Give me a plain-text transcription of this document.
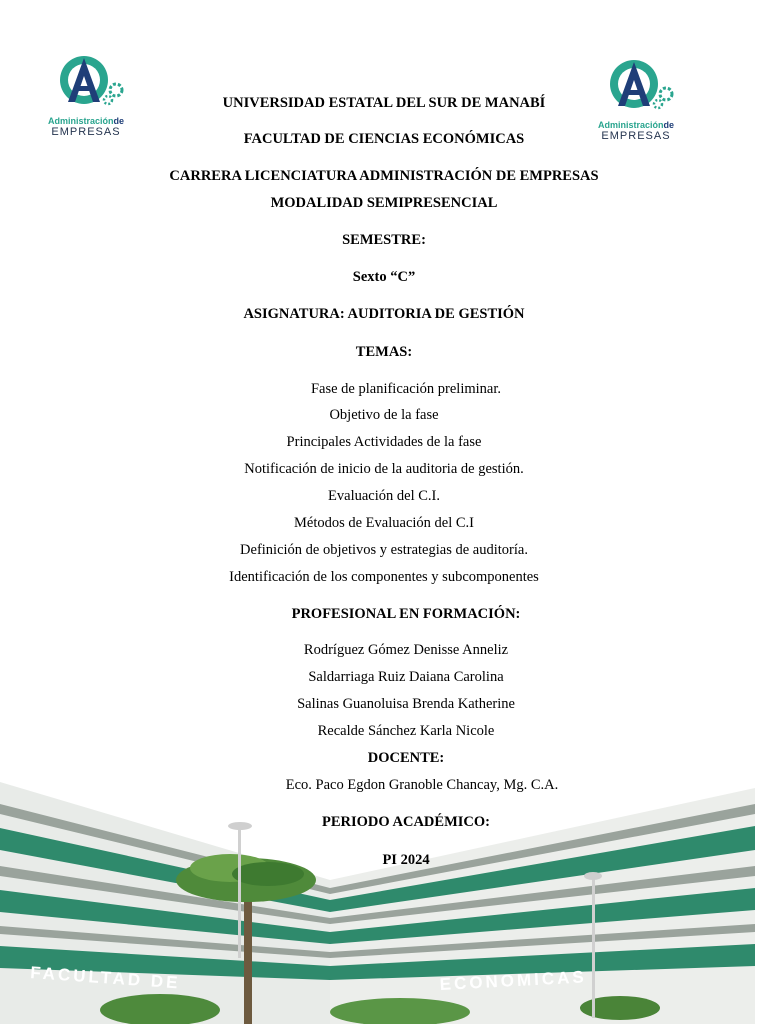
Administraciónde
EMPRESAS
Administraciónde
EMPRESAS
UNIVERSIDAD ESTATAL DEL SUR DE MANABÍ
FACULTAD DE CIENCIAS ECONÓMICAS
CARRERA LICENCIATURA ADMINISTRACIÓN DE EMPRESAS
MODALIDAD SEMIPRESENCIAL
SEMESTRE:
Sexto “C”
ASIGNATURA: AUDITORIA DE GESTIÓN
TEMAS:
Fase de planificación preliminar.
Objetivo de la fase
Principales Actividades de la fase
Notificación de inicio de la auditoria de gestión.
Evaluación del C.I.
Métodos de Evaluación del C.I
Definición de objetivos y estrategias de auditoría.
Identificación de los componentes y subcomponentes
PROFESIONAL EN FORMACIÓN:
Rodríguez Gómez Denisse Anneliz
Saldarriaga Ruiz Daiana Carolina
Salinas Guanoluisa Brenda Katherine
Recalde Sánchez Karla Nicole
FACULTAD DE	ECONOMICAS
DOCENTE:
Eco. Paco Egdon Granoble Chancay, Mg. C.A.
PERIODO ACADÉMICO:
PI 2024
